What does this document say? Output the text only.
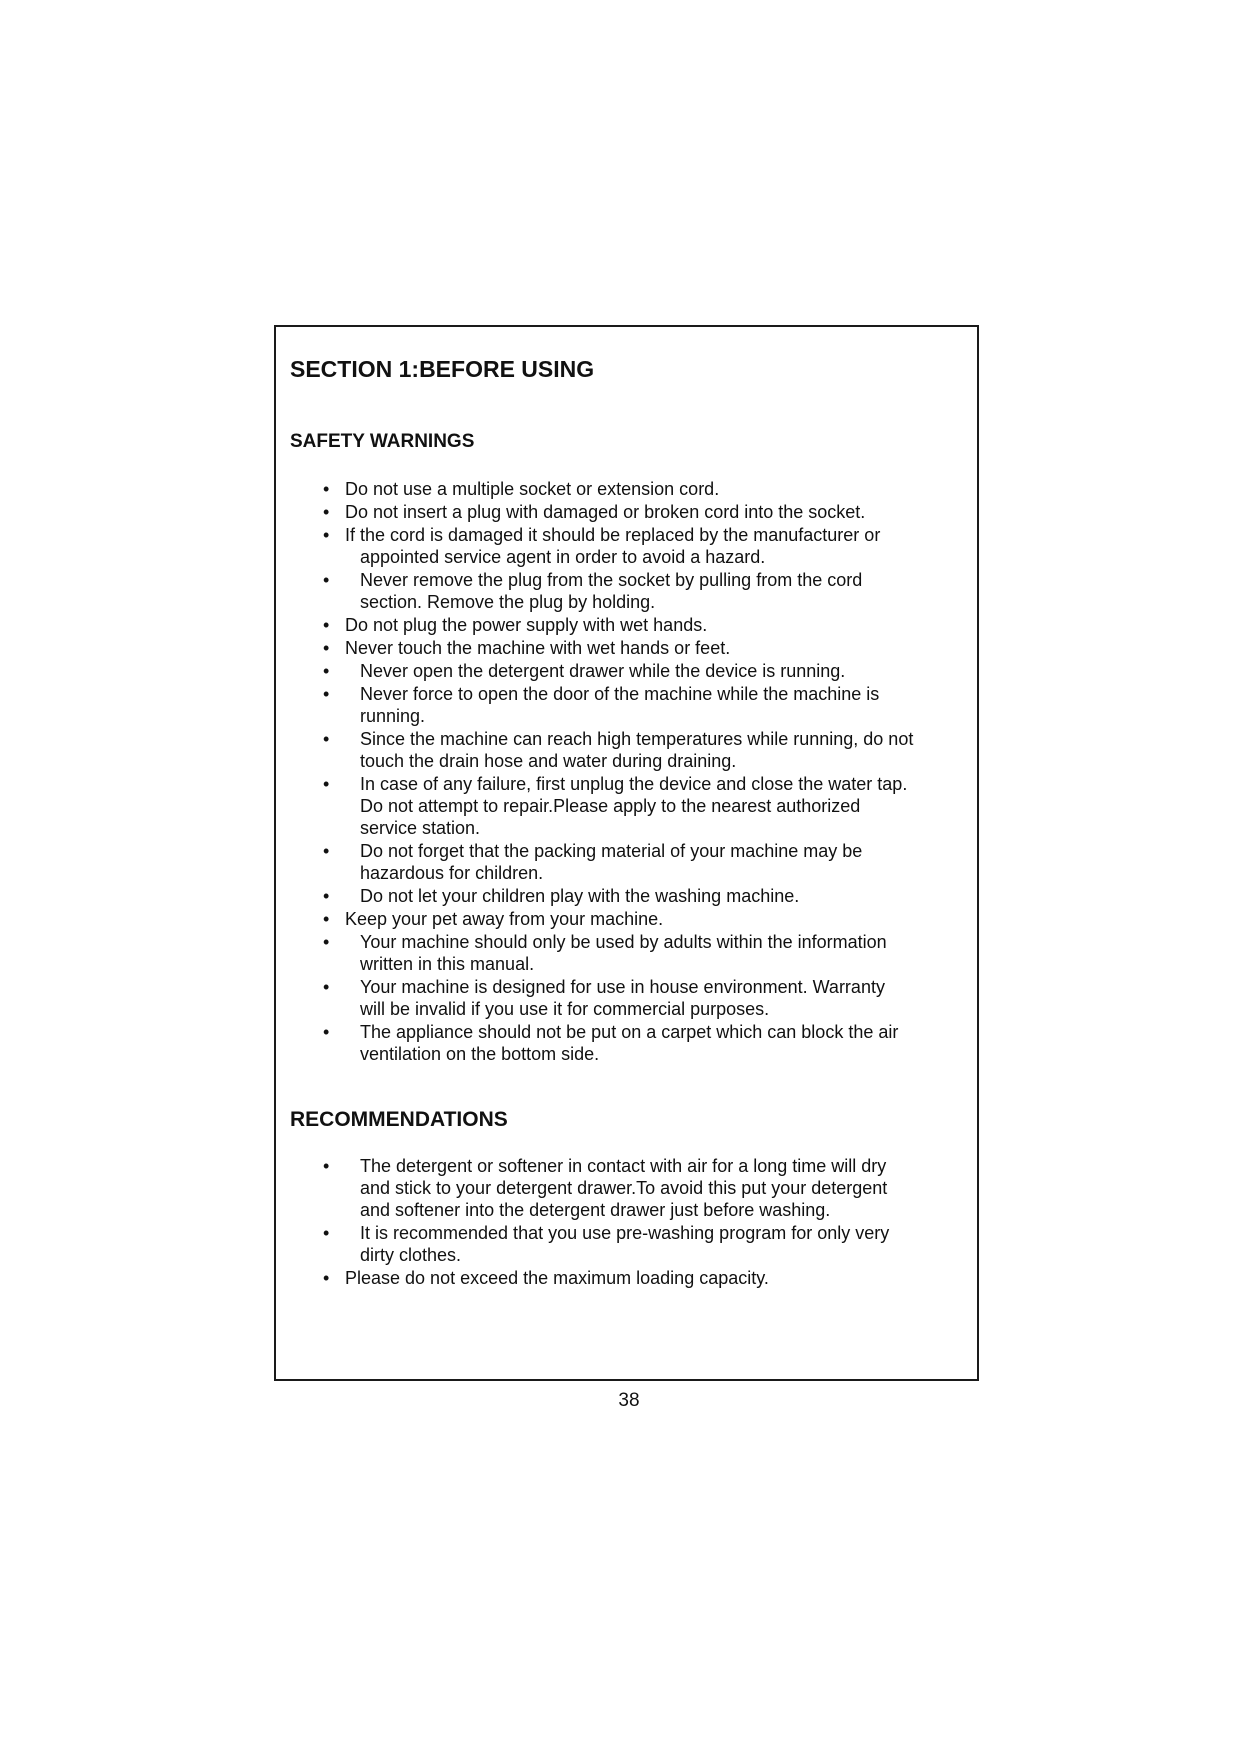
SECTION 1:BEFORE USING
SAFETY WARNINGS
• Do not use a multiple socket or extension cord.
• Do not insert a plug with damaged or broken cord into the socket.
• If the cord is damaged it should be replaced by the manufacturer or
appointed service agent in order to avoid a hazard.
• Never remove the plug from the socket by pulling from the cord
section. Remove the plug by holding.
• Do not plug the power supply with wet hands.
• Never touch the machine with wet hands or feet.
•	Never open the detergent drawer while the device is running.
• Never force to open the door of the machine while the machine is
running.
• Since the machine can reach high temperatures while running, do not
touch the drain hose and water during draining.
• In case of any failure, first unplug the device and close the water tap.
Do not attempt to repair.Please apply to the nearest authorized
service station.
• Do not forget that the packing material of your machine may be
hazardous for children.
•	Do not let your children play with the washing machine.
• Keep your pet away from your machine.
• Your machine should only be used by adults within the information
written in this manual.
• Your machine is designed for use in house environment. Warranty
will be invalid if you use it for commercial purposes.
• The appliance should not be put on a carpet which can block the air
ventilation on the bottom side.
RECOMMENDATIONS
• The detergent or softener in contact with air for a long time will dry
and stick to your detergent drawer.To avoid this put your detergent
and softener into the detergent drawer just before washing.
• It is recommended that you use pre-washing program for only very
dirty clothes.
• Please do not exceed the maximum loading capacity.
38
